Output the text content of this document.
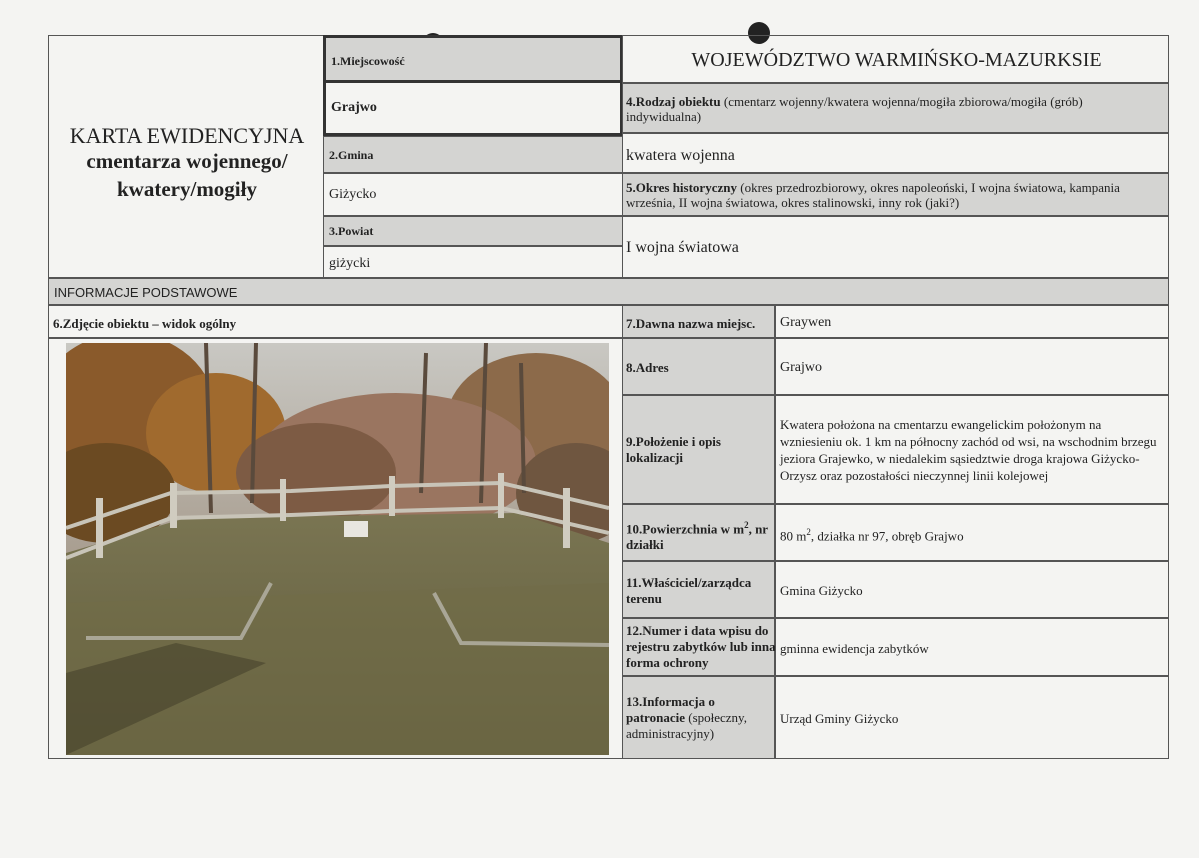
KARTA EWIDENCYJNA
cmentarza wojennego/
kwatery/mogiły
1.Miejscowość
Grajwo
2.Gmina
Giżycko
3.Powiat
giżycki
WOJEWÓDZTWO WARMIŃSKO-MAZURKSIE
4.Rodzaj obiektu (cmentarz wojenny/kwatera wojenna/mogiła zbiorowa/mogiła (grób) indywidualna)
kwatera wojenna
5.Okres historyczny (okres przedrozbiorowy, okres napoleoński, I wojna światowa, kampania września, II wojna światowa, okres stalinowski, inny rok (jaki?)
I wojna światowa
INFORMACJE PODSTAWOWE
6.Zdjęcie obiektu – widok ogólny	7.Dawna nazwa miejsc. Graywen
8.Adres	Grajwo
9.Położenie i opis lokalizacji
Kwatera położona na cmentarzu ewangelickim położonym na wzniesieniu ok. 1 km na północny zachód od wsi, na wschodnim brzegu jeziora Grajewko, w niedalekim sąsiedztwie droga krajowa Giżycko-Orzysz oraz pozostałości nieczynnej linii kolejowej
10.Powierzchnia w $m^2$, nr działki
80 $m^2$, działka nr 97, obręb Grajwo
11.Właściciel/zarządca terenu
Gmina Giżycko
12.Numer i data wpisu do rejestru zabytków lub inna forma ochrony
gminna ewidencja zabytków
13.Informacja o patronacie (społeczny, administracyjny)
Urząd Gminy Giżycko
